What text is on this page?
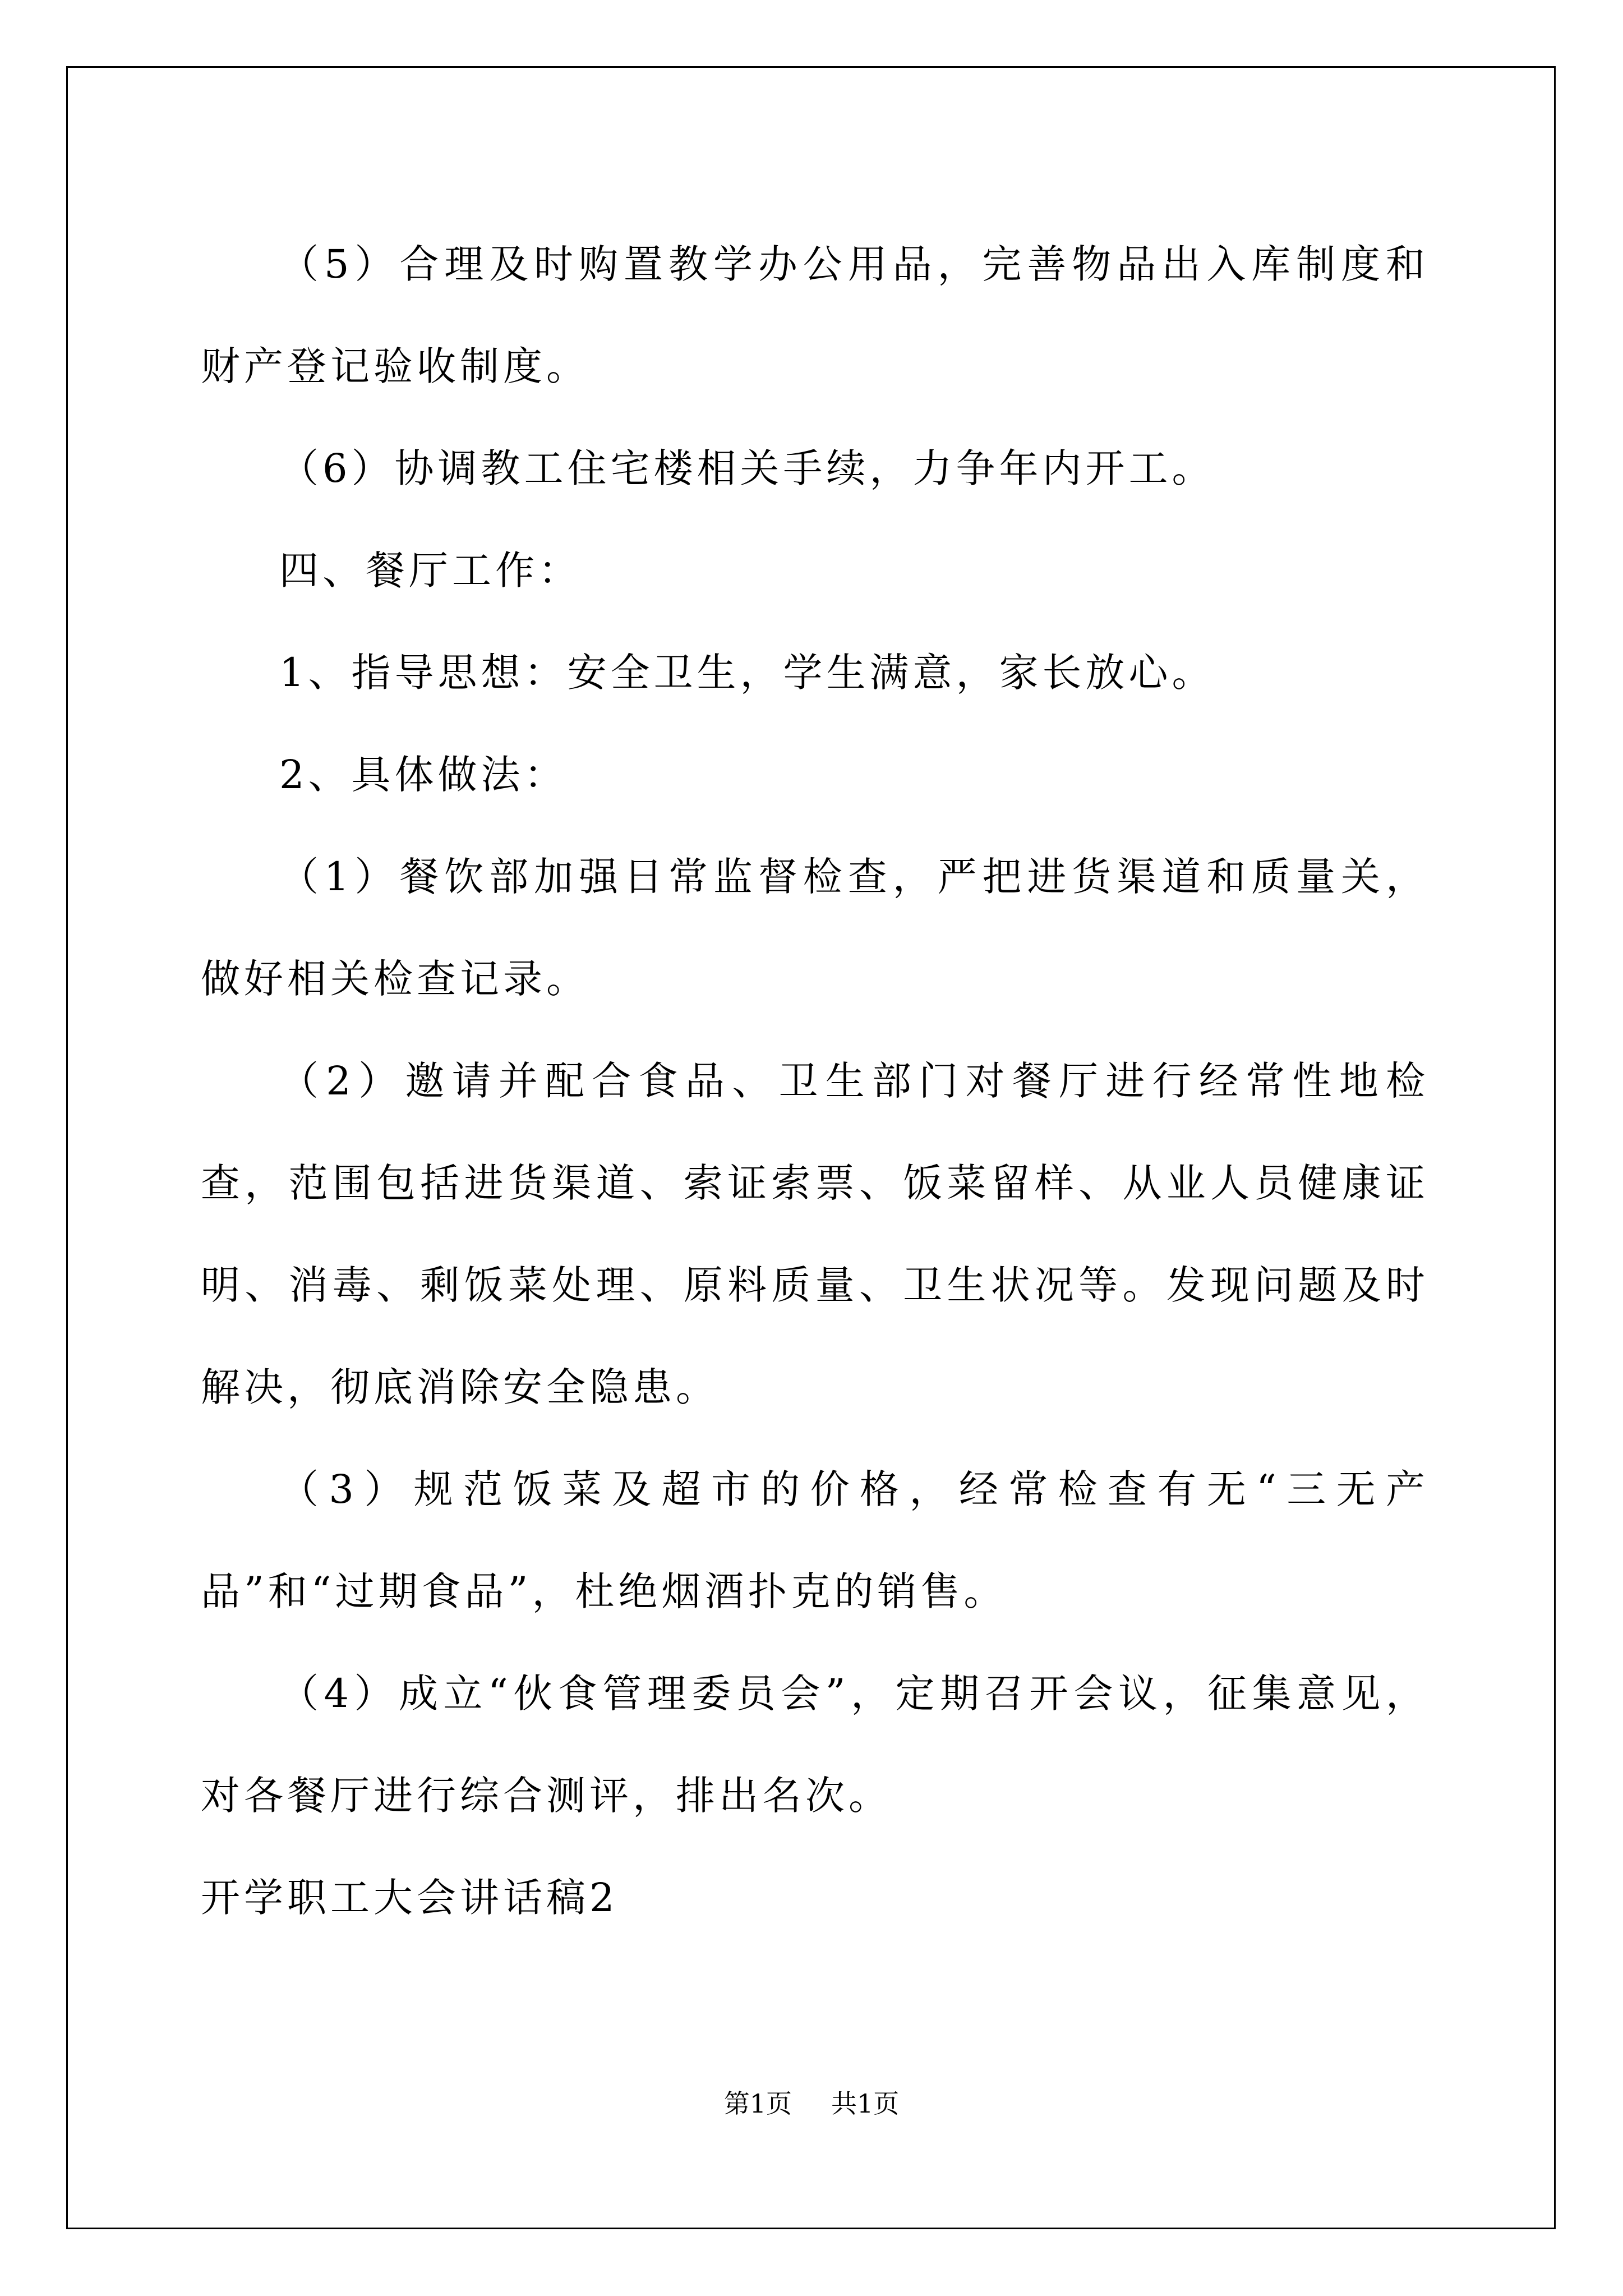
（5）合理及时购置教学办公用品，完善物品出入库制度和财产登记验收制度。

（6）协调教工住宅楼相关手续，力争年内开工。

四、餐厅工作：

1、指导思想：安全卫生，学生满意，家长放心。

2、具体做法：

（1）餐饮部加强日常监督检查，严把进货渠道和质量关，做好相关检查记录。

（2）邀请并配合食品、卫生部门对餐厅进行经常性地检查，范围包括进货渠道、索证索票、饭菜留样、从业人员健康证明、消毒、剩饭菜处理、原料质量、卫生状况等。发现问题及时解决，彻底消除安全隐患。

（3）规范饭菜及超市的价格，经常检查有无“三无产品”和“过期食品”，杜绝烟酒扑克的销售。

（4）成立“伙食管理委员会”，定期召开会议，征集意见，对各餐厅进行综合测评，排出名次。

开学职工大会讲话稿2

第1页 共1页
